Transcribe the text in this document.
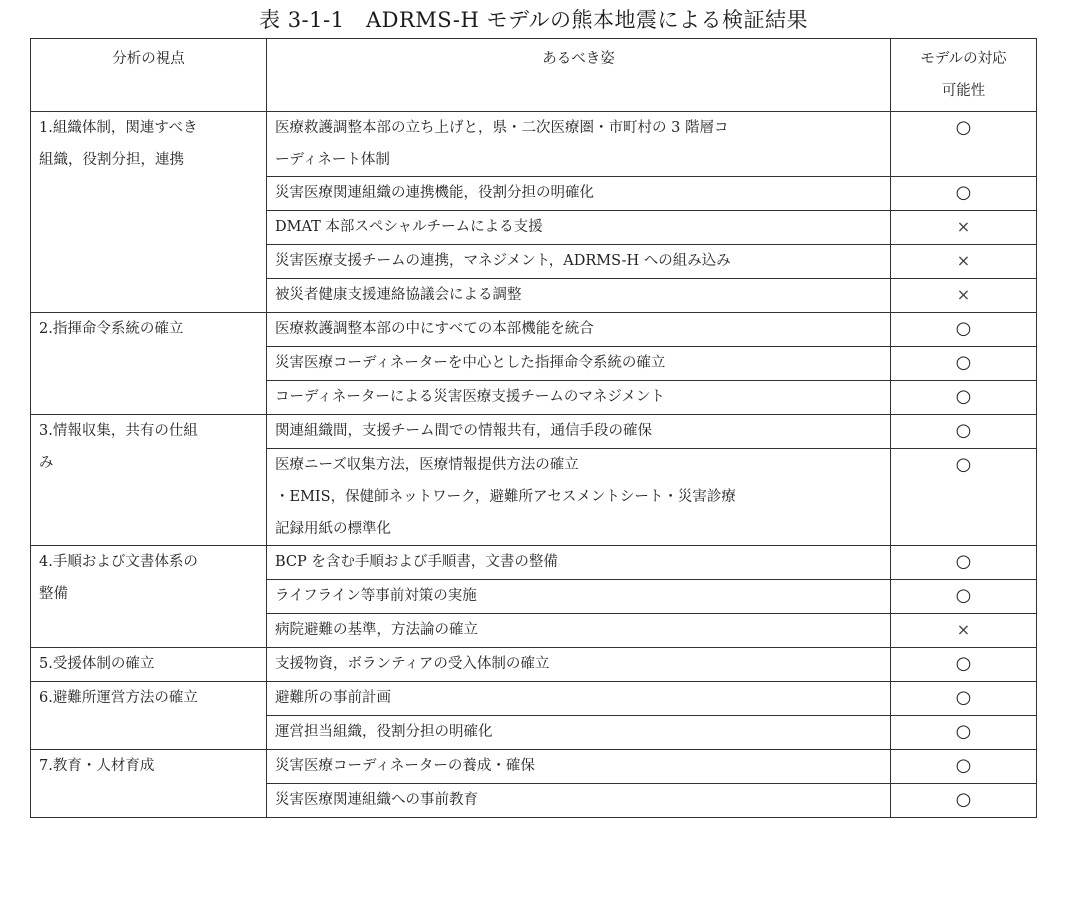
表 3-1-1　ADRMS-H モデルの熊本地震による検証結果
分析の視点	あるべき姿	モデルの対応
可能性

1.組織体制，関連すべき
組織，役割分担，連携	医療救護調整本部の立ち上げと，県・二次医療圏・市町村の 3 階層コ
ーディネート体制	○

	災害医療関連組織の連携機能，役割分担の明確化	○

	DMAT 本部スペシャルチームによる支援	×

	災害医療支援チームの連携，マネジメント，ADRMS-H への組み込み	×

	被災者健康支援連絡協議会による調整	×

2.指揮命令系統の確立	医療救護調整本部の中にすべての本部機能を統合	○

	災害医療コーディネーターを中心とした指揮命令系統の確立	○

	コーディネーターによる災害医療支援チームのマネジメント	○

3.情報収集，共有の仕組
み	関連組織間，支援チーム間での情報共有，通信手段の確保	○

	医療ニーズ収集方法，医療情報提供方法の確立
・EMIS，保健師ネットワーク，避難所アセスメントシート・災害診療
記録用紙の標準化	○

4.手順および文書体系の
整備	BCP を含む手順および手順書，文書の整備	○

	ライフライン等事前対策の実施	○

	病院避難の基準，方法論の確立	×

5.受援体制の確立	支援物資，ボランティアの受入体制の確立	○

6.避難所運営方法の確立	避難所の事前計画	○

	運営担当組織，役割分担の明確化	○

7.教育・人材育成	災害医療コーディネーターの養成・確保	○

	災害医療関連組織への事前教育	○
